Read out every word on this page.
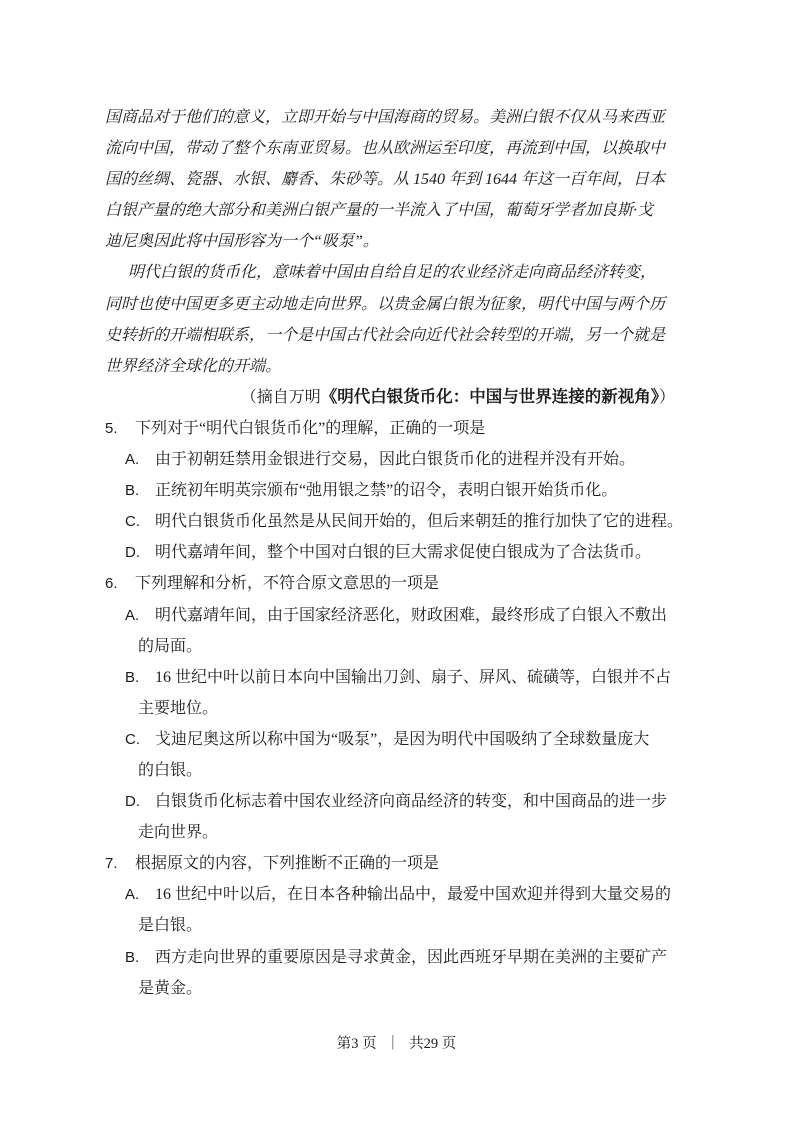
国商品对于他们的意义，立即开始与中国海商的贸易。美洲白银不仅从马来西亚
流向中国，带动了整个东南亚贸易。也从欧洲运至印度，再流到中国，以换取中
国的丝绸、瓷器、水银、麝香、朱砂等。从 1540 年到 1644 年这一百年间，日本
白银产量的绝大部分和美洲白银产量的一半流入了中国，葡萄牙学者加良斯·戈
迪尼奥因此将中国形容为一个“吸泵”。
明代白银的货币化，意味着中国由自给自足的农业经济走向商品经济转变，
同时也使中国更多更主动地走向世界。以贵金属白银为征象，明代中国与两个历
史转折的开端相联系，一个是中国古代社会向近代社会转型的开端，另一个就是
世界经济全球化的开端。
（摘自万明《明代白银货币化：中国与世界连接的新视角》）
5. 下列对于“明代白银货币化”的理解，正确的一项是
A. 由于初朝廷禁用金银进行交易，因此白银货币化的进程并没有开始。
B. 正统初年明英宗颁布“弛用银之禁”的诏令，表明白银开始货币化。
C. 明代白银货币化虽然是从民间开始的，但后来朝廷的推行加快了它的进程。
D. 明代嘉靖年间，整个中国对白银的巨大需求促使白银成为了合法货币。
6. 下列理解和分析，不符合原文意思的一项是
A. 明代嘉靖年间，由于国家经济恶化，财政困难，最终形成了白银入不敷出
的局面。
B. 16 世纪中叶以前日本向中国输出刀剑、扇子、屏风、硫磺等，白银并不占
主要地位。
C. 戈迪尼奥这所以称中国为“吸泵”，是因为明代中国吸纳了全球数量庞大
的白银。
D. 白银货币化标志着中国农业经济向商品经济的转变，和中国商品的进一步
走向世界。
7. 根据原文的内容，下列推断不正确的一项是
A. 16 世纪中叶以后，在日本各种输出品中，最爱中国欢迎并得到大量交易的
是白银。
B. 西方走向世界的重要原因是寻求黄金，因此西班牙早期在美洲的主要矿产
是黄金。
第3 页 ｜ 共29 页
